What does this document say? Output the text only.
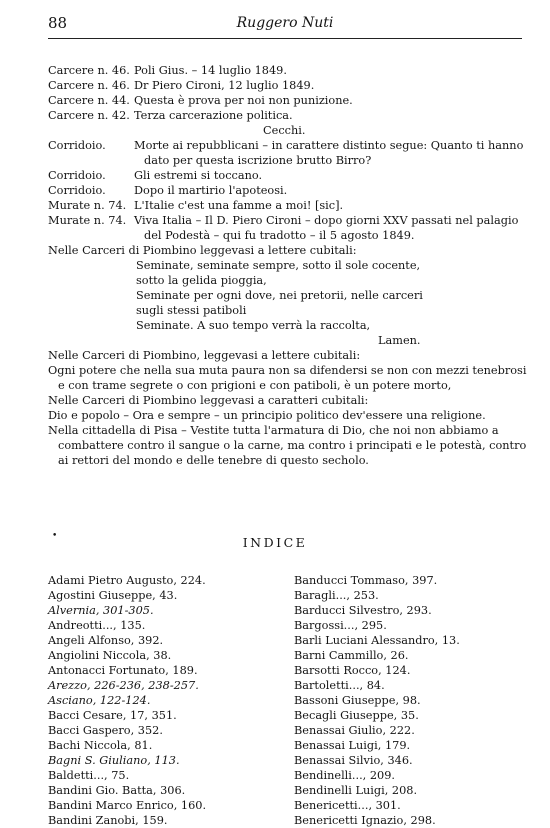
88	Ruggero Nuti
Carcere n. 46. Poli Gius. – 14 luglio 1849.
Carcere n. 46. Dr Piero Cironi, 12 luglio 1849.
Carcere n. 44. Questa è prova per noi non punizione.
Carcere n. 42. Terza carcerazione politica.
Cecchi.
Corridoio.	Morte ai repubblicani – in carattere distinto segue: Quanto ti hanno dato per questa iscrizione brutto Birro?
Corridoio.	Gli estremi si toccano.
Corridoio.	Dopo il martirio l'apoteosi.
Murate n. 74. L'Italie c'est una famme a moi! [sic].
Murate n. 74. Viva Italia – Il D. Piero Cironi – dopo giorni XXV passati nel palagio del Podestà – qui fu tradotto – il 5 agosto 1849.
Nelle Carceri di Piombino leggevasi a lettere cubitali:
Seminate, seminate sempre, sotto il sole cocente,
sotto la gelida pioggia,
Seminate per ogni dove, nei pretorii, nelle carceri
sugli stessi patiboli
Seminate. A suo tempo verrà la raccolta,
Lamen.
Nelle Carceri di Piombino, leggevasi a lettere cubitali:
Ogni potere che nella sua muta paura non sa difendersi se non con mezzi tenebrosi e con trame segrete o con prigioni e con patiboli, è un potere morto,
Nelle Carceri di Piombino leggevasi a caratteri cubitali:
Dio e popolo – Ora e sempre – un principio politico dev'essere una religione.
Nella cittadella di Pisa – Vestite tutta l'armatura di Dio, che noi non abbiamo a combattere contro il sangue o la carne, ma contro i principati e le potestà, contro ai rettori del mondo e delle tenebre di questo secholo.
•	INDICE
Adami Pietro Augusto, 224.
Agostini Giuseppe, 43.
Alvernia, 301-305.
Andreotti..., 135.
Angeli Alfonso, 392.
Angiolini Niccola, 38.
Antonacci Fortunato, 189.
Arezzo, 226-236, 238-257.
Asciano, 122-124.
Bacci Cesare, 17, 351.
Bacci Gaspero, 352.
Bachi Niccola, 81.
Bagni S. Giuliano, 113.
Baldetti..., 75.
Bandini Gio. Batta, 306.
Bandini Marco Enrico, 160.
Bandini Zanobi, 159.
Banducci Tommaso, 397.
Baragli..., 253.
Barducci Silvestro, 293.
Bargossi..., 295.
Barli Luciani Alessandro, 13.
Barni Cammillo, 26.
Barsotti Rocco, 124.
Bartoletti..., 84.
Bassoni Giuseppe, 98.
Becagli Giuseppe, 35.
Benassai Giulio, 222.
Benassai Luigi, 179.
Benassai Silvio, 346.
Bendinelli..., 209.
Bendinelli Luigi, 208.
Benericetti..., 301.
Benericetti Ignazio, 298.
